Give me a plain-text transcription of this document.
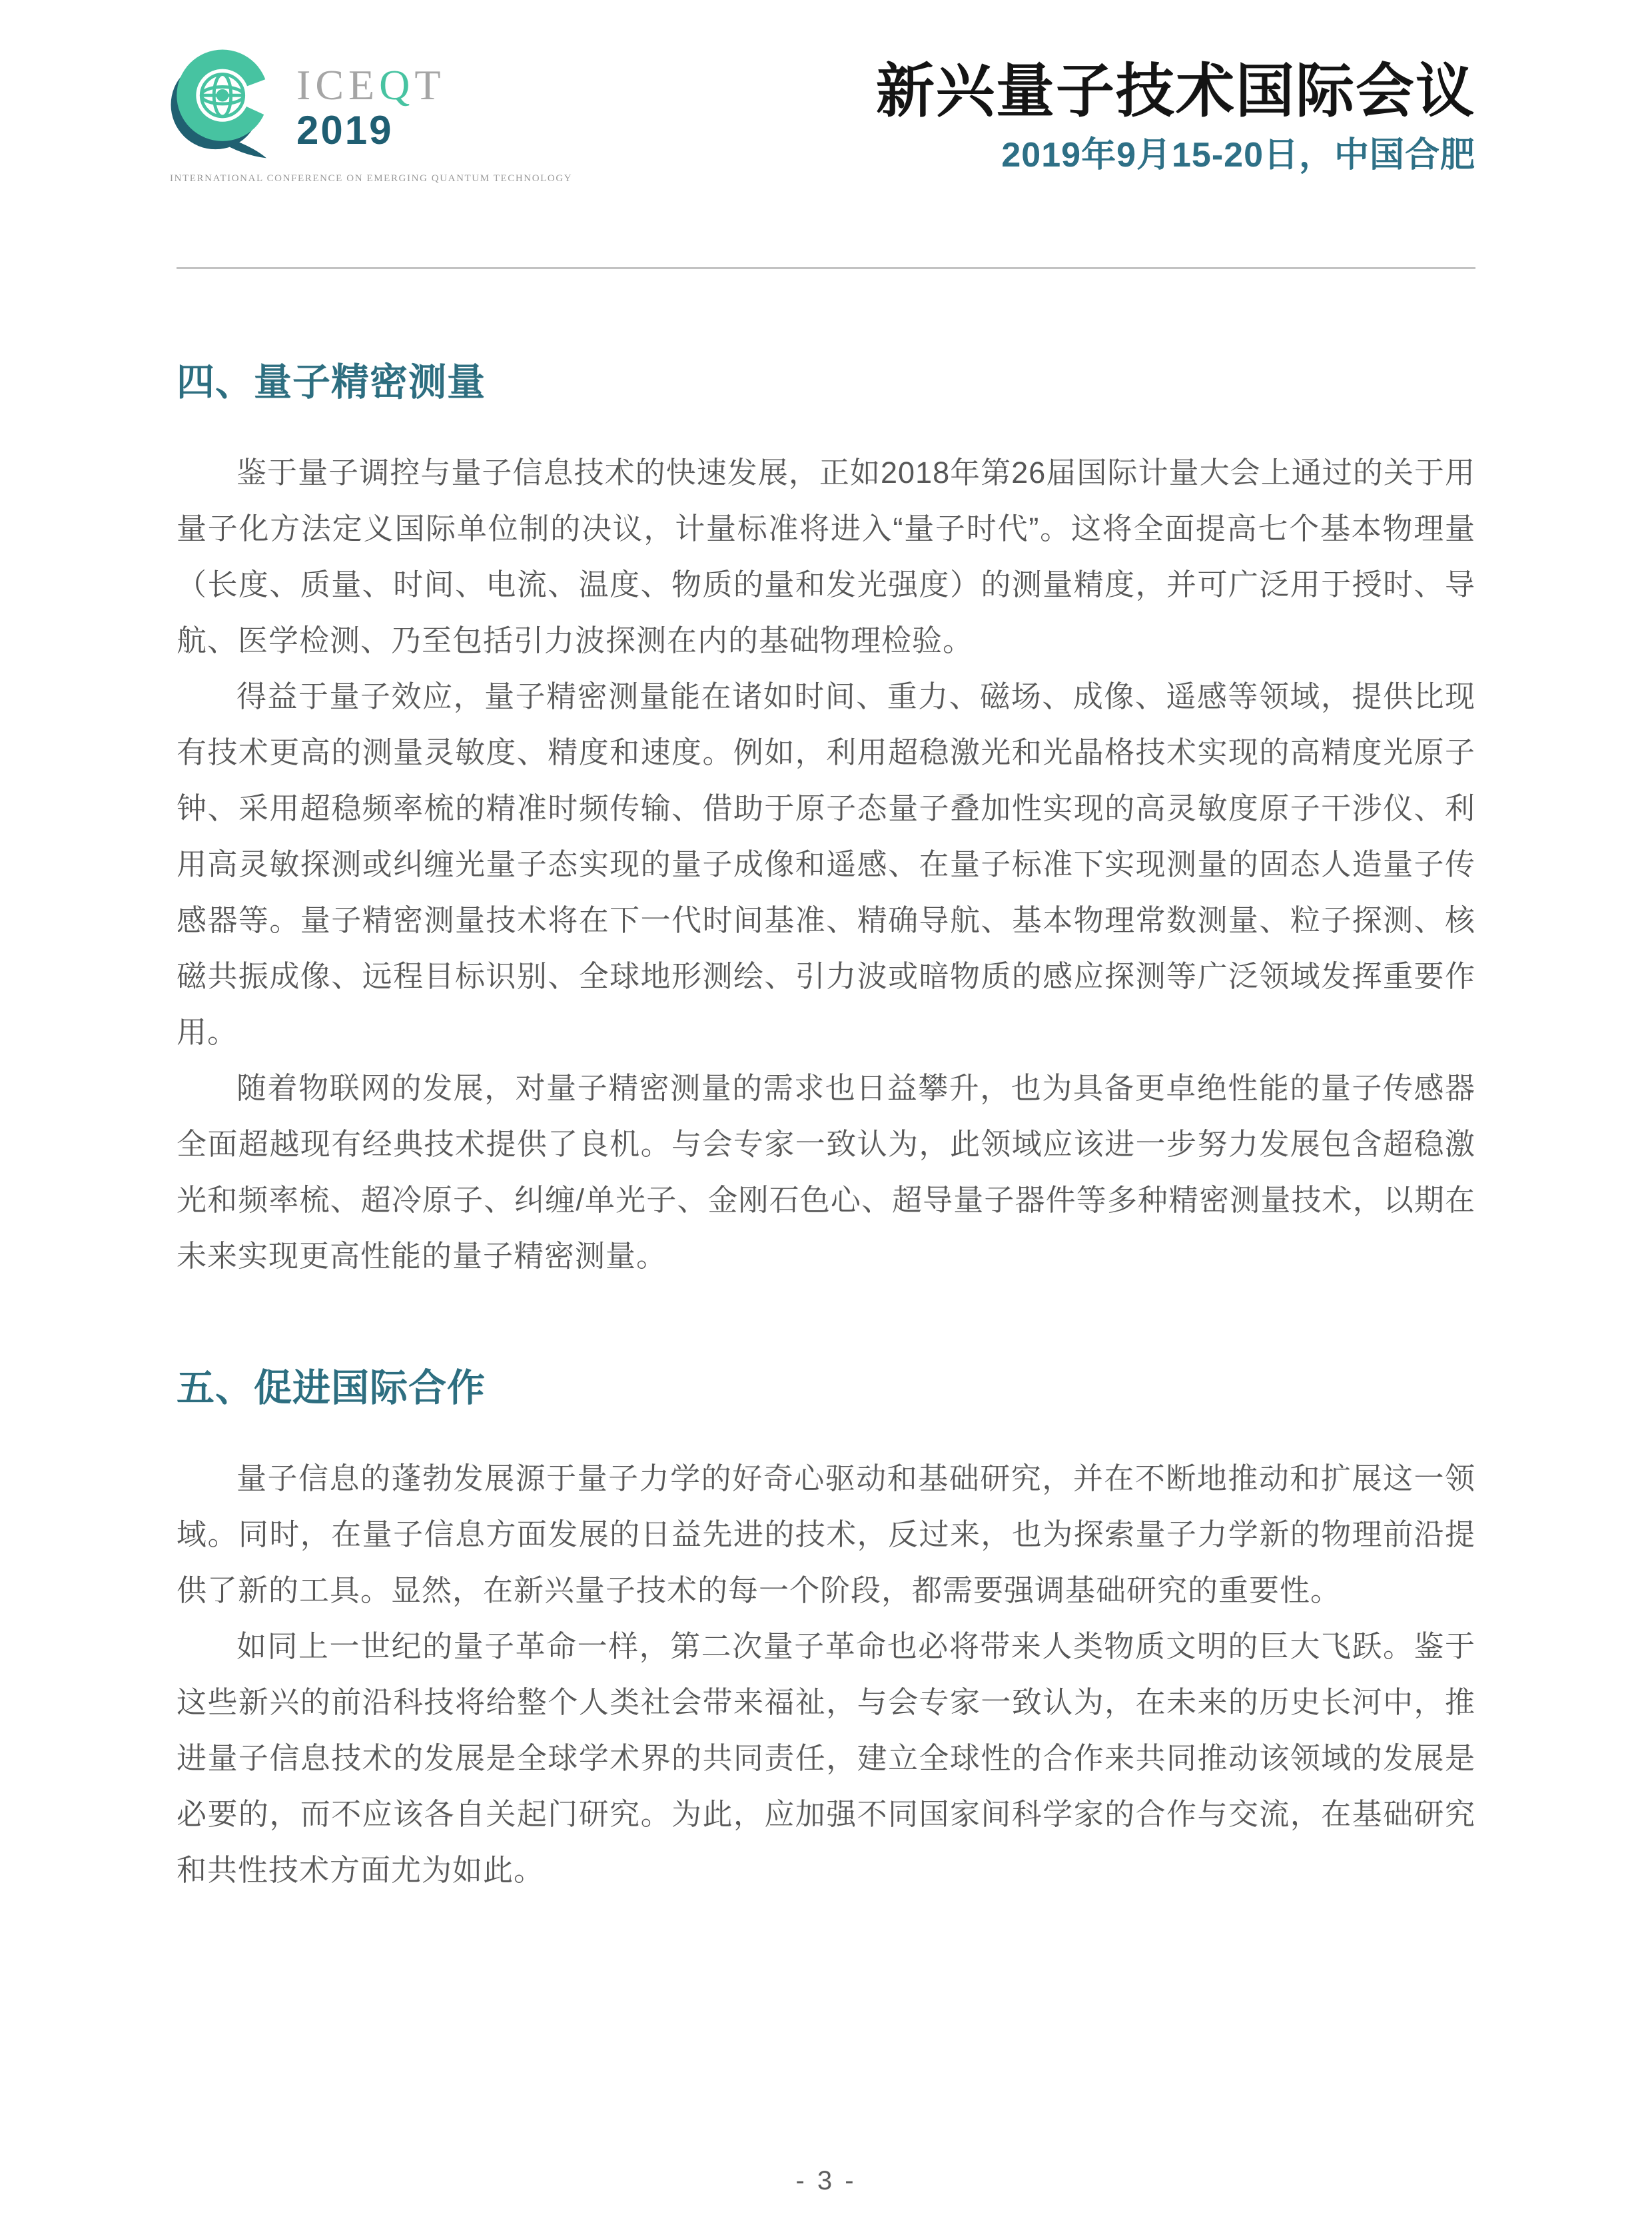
ICEQT
2019
INTERNATIONAL CONFERENCE ON EMERGING QUANTUM TECHNOLOGY
新兴量子技术国际会议
2019年9月15-20日，中国合肥
四、量子精密测量

鉴于量子调控与量子信息技术的快速发展，正如2018年第26届国际计量大会上通过的关于用量子化方法定义国际单位制的决议，计量标准将进入“量子时代”。这将全面提高七个基本物理量（长度、质量、时间、电流、温度、物质的量和发光强度）的测量精度，并可广泛用于授时、导航、医学检测、乃至包括引力波探测在内的基础物理检验。

得益于量子效应，量子精密测量能在诸如时间、重力、磁场、成像、遥感等领域，提供比现有技术更高的测量灵敏度、精度和速度。例如，利用超稳激光和光晶格技术实现的高精度光原子钟、采用超稳频率梳的精准时频传输、借助于原子态量子叠加性实现的高灵敏度原子干涉仪、利用高灵敏探测或纠缠光量子态实现的量子成像和遥感、在量子标准下实现测量的固态人造量子传感器等。量子精密测量技术将在下一代时间基准、精确导航、基本物理常数测量、粒子探测、核磁共振成像、远程目标识别、全球地形测绘、引力波或暗物质的感应探测等广泛领域发挥重要作用。

随着物联网的发展，对量子精密测量的需求也日益攀升，也为具备更卓绝性能的量子传感器全面超越现有经典技术提供了良机。与会专家一致认为，此领域应该进一步努力发展包含超稳激光和频率梳、超冷原子、纠缠/单光子、金刚石色心、超导量子器件等多种精密测量技术，以期在未来实现更高性能的量子精密测量。

五、促进国际合作

量子信息的蓬勃发展源于量子力学的好奇心驱动和基础研究，并在不断地推动和扩展这一领域。同时，在量子信息方面发展的日益先进的技术，反过来，也为探索量子力学新的物理前沿提供了新的工具。显然，在新兴量子技术的每一个阶段，都需要强调基础研究的重要性。

如同上一世纪的量子革命一样，第二次量子革命也必将带来人类物质文明的巨大飞跃。鉴于这些新兴的前沿科技将给整个人类社会带来福祉，与会专家一致认为，在未来的历史长河中，推进量子信息技术的发展是全球学术界的共同责任，建立全球性的合作来共同推动该领域的发展是必要的，而不应该各自关起门研究。为此，应加强不同国家间科学家的合作与交流，在基础研究和共性技术方面尤为如此。

- 3 -
